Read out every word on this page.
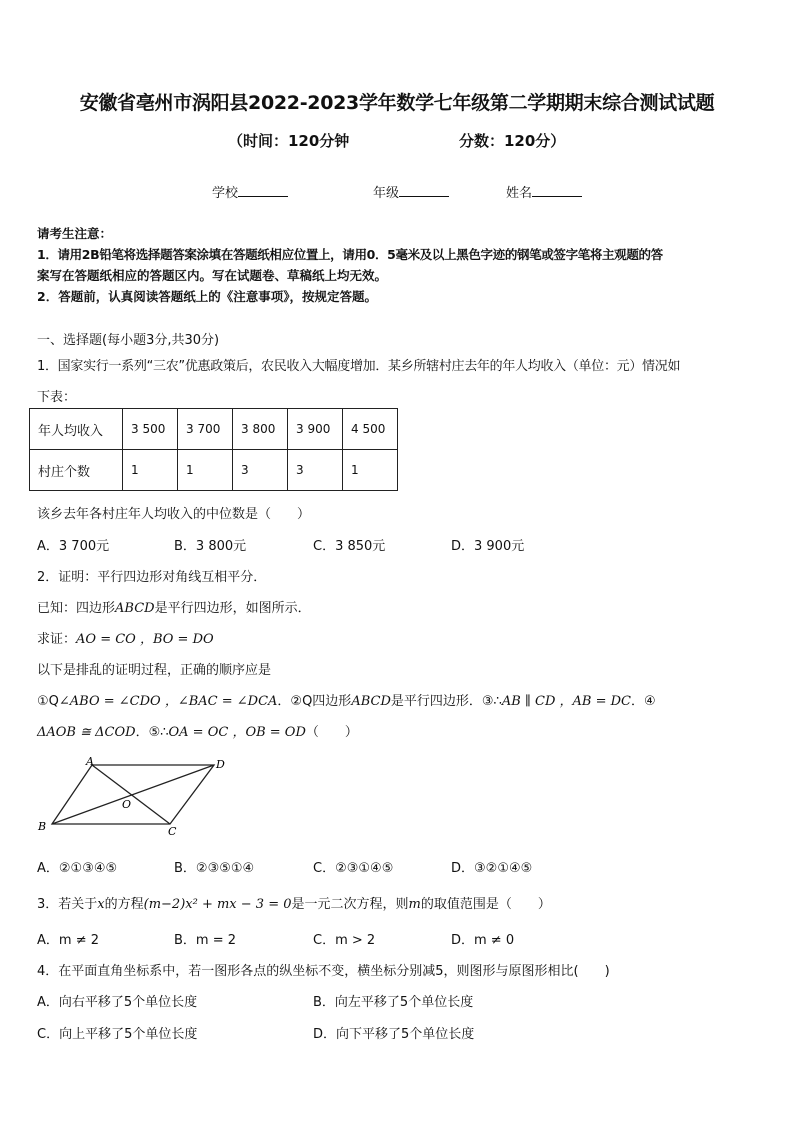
安徽省亳州市涡阳县2022-2023学年数学七年级第二学期期末综合测试试题
（时间：120分钟	分数：120分）
学校	年级	姓名
请考生注意：
1．请用2B铅笔将选择题答案涂填在答题纸相应位置上，请用0．5毫米及以上黑色字迹的钢笔或签字笔将主观题的答
案写在答题纸相应的答题区内。写在试题卷、草稿纸上均无效。
2．答题前，认真阅读答题纸上的《注意事项》，按规定答题。
一、选择题(每小题3分,共30分)
1．国家实行一系列“三农”优惠政策后，农民收入大幅度增加．某乡所辖村庄去年的年人均收入（单位：元）情况如
下表：
年人均收入	3 500	3 700	3 800	3 900	4 500
村庄个数	1	1	3	3	1
该乡去年各村庄年人均收入的中位数是（　　）
A．3 700元	B．3 800元	C．3 850元	D．3 900元
2．证明：平行四边形对角线互相平分．
已知：四边形ABCD是平行四边形，如图所示．
求证：AO = CO ，BO = DO
以下是排乱的证明过程，正确的顺序应是
①Q∠ABO = ∠CDO ，∠BAC = ∠DCA．②Q四边形ABCD是平行四边形．③∴AB ∥ CD ，AB = DC．④
ΔAOB ≅ ΔCOD．⑤∴OA = OC ，OB = OD（　　）
A	D
B	C
O
A．②①③④⑤	B．②③⑤①④	C．②③①④⑤	D．③②①④⑤
3．若关于x的方程(m−2)x² + mx − 3 = 0是一元二次方程，则m的取值范围是（　　）
A．m ≠ 2	B．m = 2	C．m > 2	D．m ≠ 0
4．在平面直角坐标系中，若一图形各点的纵坐标不变，横坐标分别减5，则图形与原图形相比(　　)
A．向右平移了5个单位长度	B．向左平移了5个单位长度
C．向上平移了5个单位长度	D．向下平移了5个单位长度
